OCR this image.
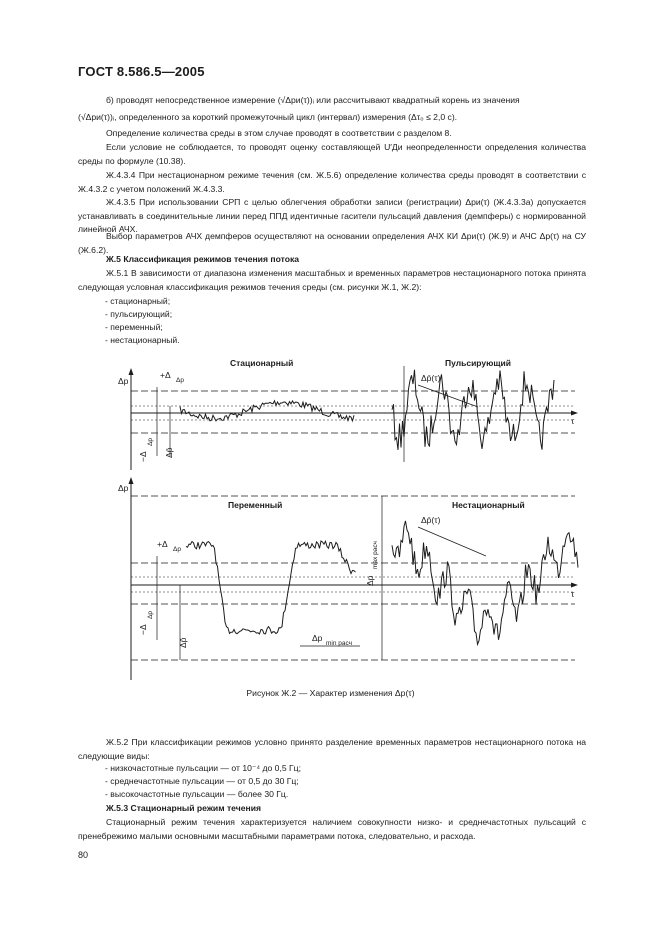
ГОСТ 8.586.5—2005
б) проводят непосредственное измерение (√Δpи(τ))ᵢ или рассчитывают квадратный корень из значения
(√Δpи(τ))ᵢ, определенного за короткий промежуточный цикл (интервал) измерения (Δτ₀ ≤ 2,0 с).
Определение количества среды в этом случае проводят в соответствии с разделом 8.
Если условие не соблюдается, то проводят оценку составляющей U′Ди неопределенности определения количества среды по формуле (10.38).
Ж.4.3.4 При нестационарном режиме течения (см. Ж.5.6) определение количества среды проводят в соответствии с Ж.4.3.2 с учетом положений Ж.4.3.3.
Ж.4.3.5 При использовании СРП с целью облегчения обработки записи (регистрации) Δpи(τ) (Ж.4.3.3а) допускается устанавливать в соединительные линии перед ППД идентичные гасители пульсаций давления (демпферы) с нормированной линейной АЧХ.
Выбор параметров АЧХ демпферов осуществляют на основании определения АЧХ КИ Δpи(τ) (Ж.9) и АЧС Δp(τ) на СУ (Ж.6.2).
Ж.5 Классификация режимов течения потока
Ж.5.1 В зависимости от диапазона изменения масштабных и временных параметров нестационарного потока принята следующая условная классификация режимов течения среды (см. рисунки Ж.1, Ж.2):
- стационарный;
- пульсирующий;
- переменный;
- нестационарный.
Стационарный	Пульсирующий
Δp
τ
+Δ
Δp
−Δ
Δp
Δp̄
Δp̄(τ)
Δp
Переменный	Нестационарный
Δp̄(τ)
τ
+Δ
Δp
−Δ
Δp
Δp̄
Δp
max расч
Δp
min расч
Рисунок Ж.2 — Характер изменения Δp(τ)
Ж.5.2 При классификации режимов условно принято разделение временных параметров нестационарного потока на следующие виды:
- низкочастотные пульсации — от 10⁻⁴ до 0,5 Гц;
- среднечастотные пульсации — от 0,5 до 30 Гц;
- высокочастотные пульсации — более 30 Гц.
Ж.5.3 Стационарный режим течения
Стационарный режим течения характеризуется наличием совокупности низко- и среднечастотных пульсаций с пренебрежимо малыми основными масштабными параметрами потока, следовательно, и расхода.
80
